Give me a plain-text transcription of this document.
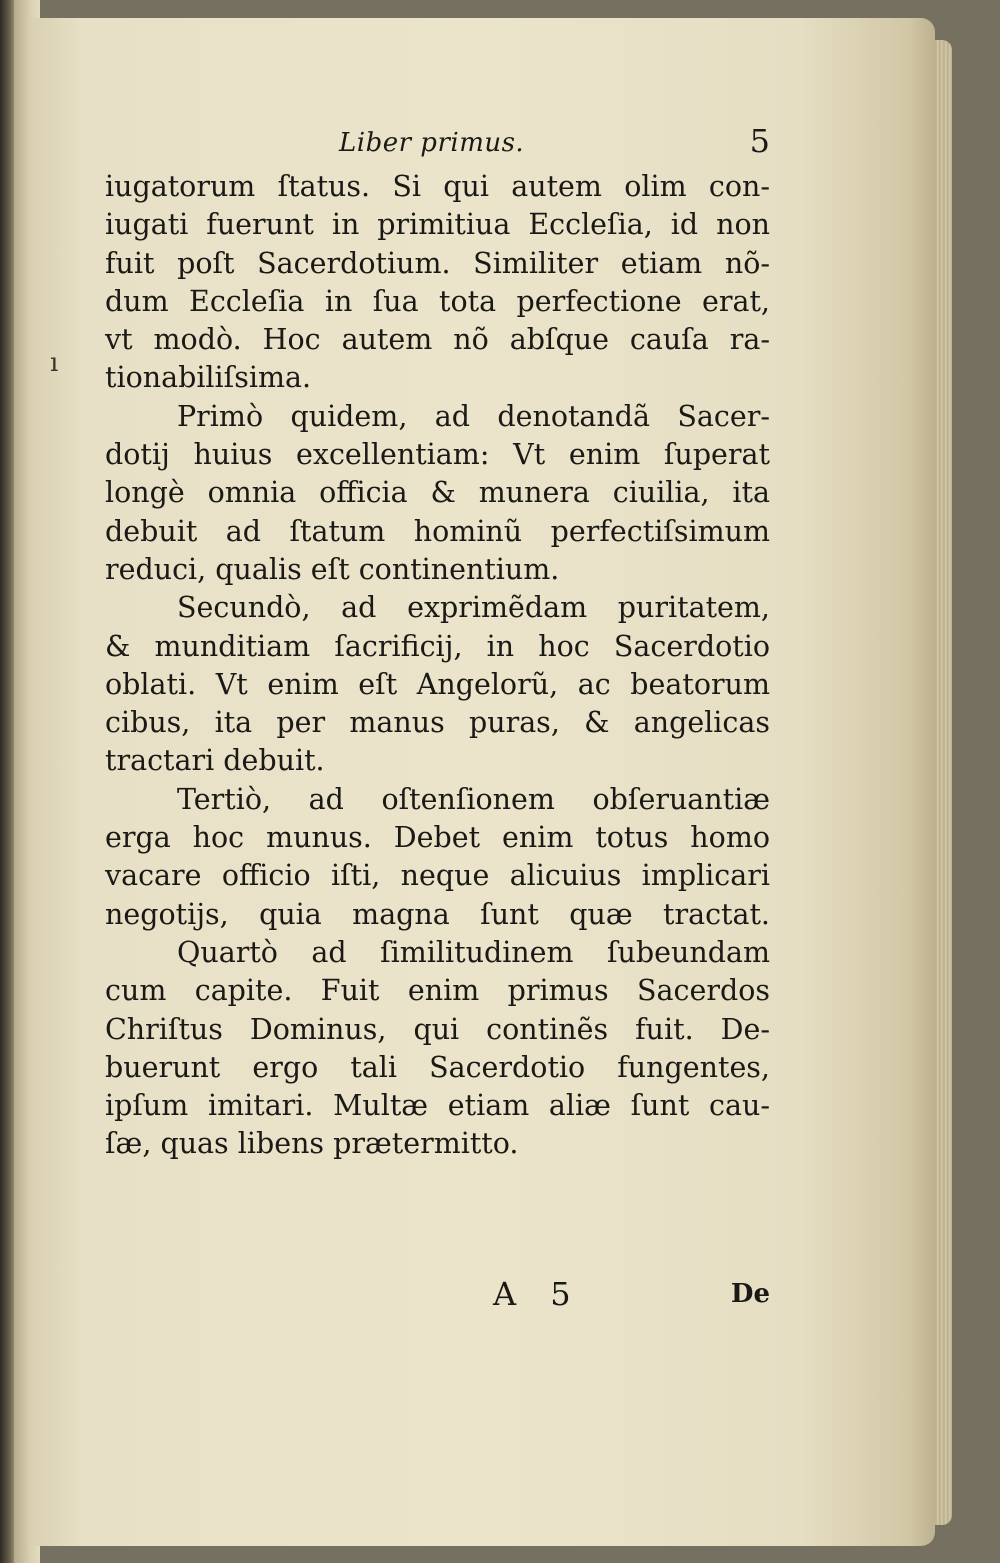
ı
Liber primus.	5
iugatorum ſtatus. Si qui autem olim con-
iugati fuerunt in primitiua Eccleſia, id non
fuit poſt Sacerdotium. Similiter etiam nõ-
dum Eccleſia in ſua tota perfectione erat,
vt modò. Hoc autem nõ abſque cauſa ra-
tionabiliſsima.
Primò quidem, ad denotandã Sacer-
dotij huius excellentiam: Vt enim ſuperat
longè omnia officia & munera ciuilia, ita
debuit ad ſtatum hominũ perfectiſsimum
reduci, qualis eſt continentium.
Secundò, ad exprimẽdam puritatem,
& munditiam ſacrificij, in hoc Sacerdotio
oblati. Vt enim eſt Angelorũ, ac beatorum
cibus, ita per manus puras, & angelicas
tractari debuit.
Tertiò, ad oſtenſionem obſeruantiæ
erga hoc munus. Debet enim totus homo
vacare officio iſti, neque alicuius implicari
negotijs, quia magna ſunt quæ tractat.
Quartò ad ſimilitudinem ſubeundam
cum capite. Fuit enim primus Sacerdos
Chriſtus Dominus, qui continẽs fuit. De-
buerunt ergo tali Sacerdotio fungentes,
ipſum imitari. Multæ etiam aliæ ſunt cau-
ſæ, quas libens prætermitto.
A 5	De
